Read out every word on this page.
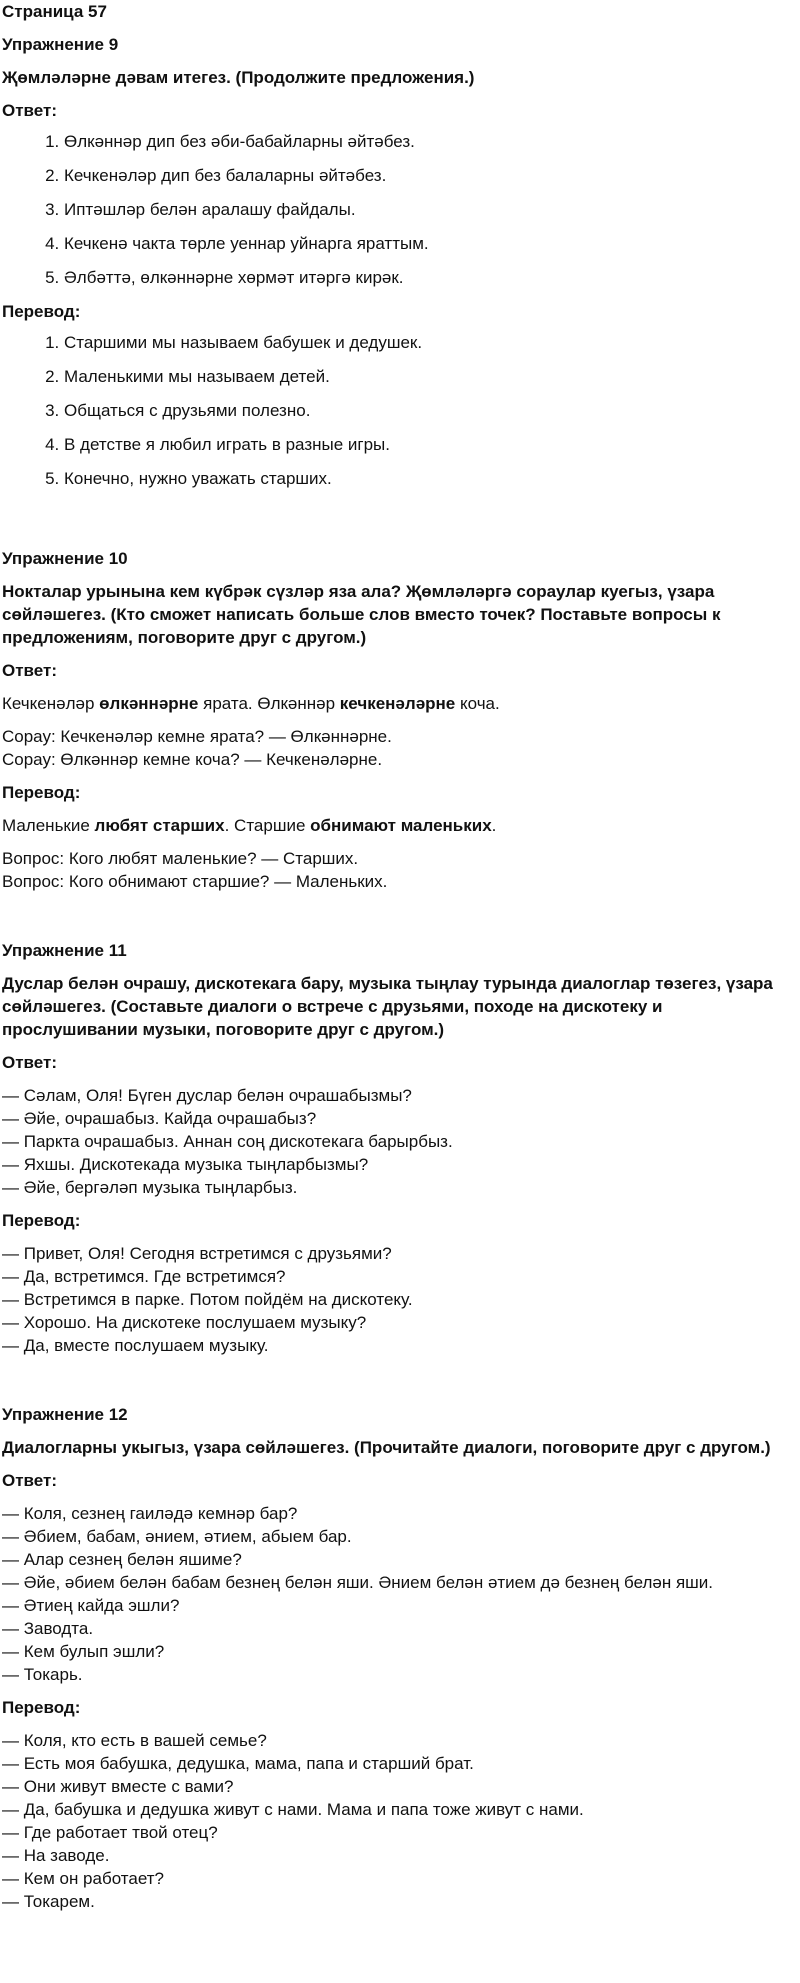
Страница 57
Упражнение 9
Җөмләләрне дәвам итегез. (Продолжите предложения.)
Ответ:
1. Өлкәннәр дип без әби-бабайларны әйтәбез.
2. Кечкенәләр дип без балаларны әйтәбез.
3. Иптәшләр белән аралашу файдалы.
4. Кечкенә чакта төрле уеннар уйнарга яраттым.
5. Әлбәттә, өлкәннәрне хөрмәт итәргә кирәк.
Перевод:
1. Старшими мы называем бабушек и дедушек.
2. Маленькими мы называем детей.
3. Общаться с друзьями полезно.
4. В детстве я любил играть в разные игры.
5. Конечно, нужно уважать старших.
Упражнение 10
Нокталар урынына кем күбрәк сүзләр яза ала? Җөмләләргә сораулар куегыз, үзара сөйләшегез. (Кто сможет написать больше слов вместо точек? Поставьте вопросы к предложениям, поговорите друг с другом.)
Ответ:
Кечкенәләр өлкәннәрне ярата. Өлкәннәр кечкенәләрне коча.
Сорау: Кечкенәләр кемне ярата? — Өлкәннәрне.
Сорау: Өлкәннәр кемне коча? — Кечкенәләрне.
Перевод:
Маленькие любят старших. Старшие обнимают маленьких.
Вопрос: Кого любят маленькие? — Старших.
Вопрос: Кого обнимают старшие? — Маленьких.
Упражнение 11
Дуслар белән очрашу, дискотекага бару, музыка тыңлау турында диалоглар төзегез, үзара сөйләшегез. (Составьте диалоги о встрече с друзьями, походе на дискотеку и прослушивании музыки, поговорите друг с другом.)
Ответ:
— Сәлам, Оля! Бүген дуслар белән очрашабызмы?
— Әйе, очрашабыз. Кайда очрашабыз?
— Паркта очрашабыз. Аннан соң дискотекага барырбыз.
— Яхшы. Дискотекада музыка тыңларбызмы?
— Әйе, бергәләп музыка тыңларбыз.
Перевод:
— Привет, Оля! Сегодня встретимся с друзьями?
— Да, встретимся. Где встретимся?
— Встретимся в парке. Потом пойдём на дискотеку.
— Хорошо. На дискотеке послушаем музыку?
— Да, вместе послушаем музыку.
Упражнение 12
Диалогларны укыгыз, үзара сөйләшегез. (Прочитайте диалоги, поговорите друг с другом.)
Ответ:
— Коля, сезнең гаиләдә кемнәр бар?
— Әбием, бабам, әнием, әтием, абыем бар.
— Алар сезнең белән яшиме?
— Әйе, әбием белән бабам безнең белән яши. Әнием белән әтием дә безнең белән яши.
— Әтиең кайда эшли?
— Заводта.
— Кем булып эшли?
— Токарь.
Перевод:
— Коля, кто есть в вашей семье?
— Есть моя бабушка, дедушка, мама, папа и старший брат.
— Они живут вместе с вами?
— Да, бабушка и дедушка живут с нами. Мама и папа тоже живут с нами.
— Где работает твой отец?
— На заводе.
— Кем он работает?
— Токарем.
